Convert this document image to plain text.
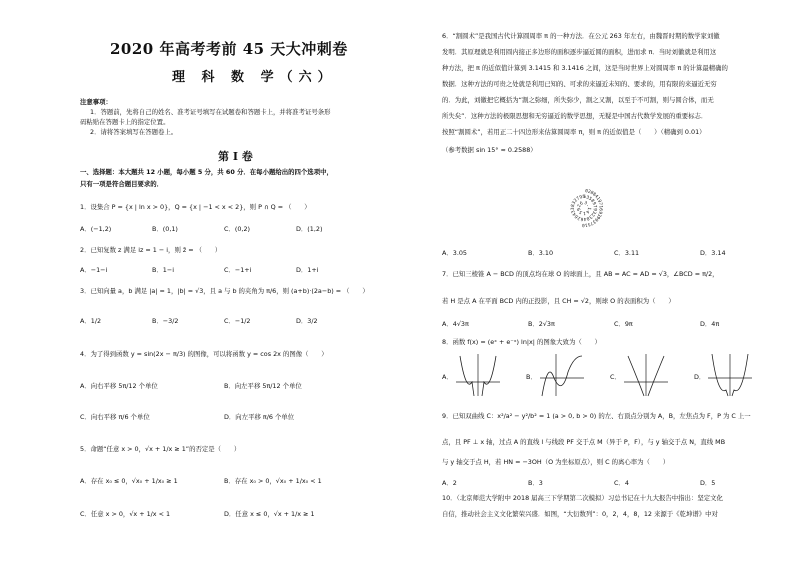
2020 年高考考前 45 天大冲刺卷
理 科 数 学（六）
注意事项：
1．答题前，先将自己的姓名、准考证号填写在试题卷和答题卡上，并将准考证号条形
码粘贴在答题卡上的指定位置。
2．请将答案填写在答题卷上。
第 Ⅰ 卷
一、选择题：本大题共 12 小题，每小题 5 分，共 60 分．在每小题给出的四个选项中，
只有一项是符合题目要求的．
1．设集合 P = {x | ln x > 0}，Q = {x | −1 < x < 2}，则 P ∩ Q = （　　）
A．(−1,2)	B．(0,1)	C．(0,2)	D．(1,2)
2．已知复数 z 满足 iz = 1 − i，则 z̄ = （　　）
A．−1−i	B．1−i	C．−1+i	D．1+i
3．已知向量 a，b 满足 |a| = 1，|b| = √3，且 a 与 b 的夹角为 π/6，则 (a+b)·(2a−b) = （　　）
A．1/2	B．−3/2	C．−1/2	D．3/2
4．为了得到函数 y = sin(2x − π/3) 的图像，可以将函数 y = cos 2x 的图像（　　）
A．向右平移 5π/12 个单位	B．向左平移 5π/12 个单位
C．向右平移 π/6 个单位	D．向左平移 π/6 个单位
5．命题“任意 x > 0，√x + 1/x ≥ 1”的否定是（　　）
A．存在 x₀ ≤ 0，√x₀ + 1/x₀ ≥ 1	B．存在 x₀ > 0，√x₀ + 1/x₀ < 1
C．任意 x > 0，√x + 1/x < 1	D．任意 x ≤ 0，√x + 1/x ≥ 1
6．“割圆术”是我国古代计算圆周率 π 的一种方法．在公元 263 年左右，由魏晋时期的数学家刘徽
发明．其原理就是利用圆内接正多边形的面积逐步逼近圆的面积，进而求 π．当时刘徽就是利用这
种方法，把 π 的近似值计算到 3.1415 和 3.1416 之间，这是当时世界上对圆周率 π 的计算最精确的
数据．这种方法的可贵之处就是利用已知的、可求的来逼近未知的、要求的，用有限的来逼近无穷
的．为此，刘徽把它概括为“割之弥细，所失弥少，割之又割，以至于不可割，则与圆合体，而无
所失矣”．这种方法的极限思想和无穷逼近的数学思想，无疑是中国古代数学发展的重要标志．
按照“割圆术”，若用正二十四边形来估算圆周率 π，则 π 的近似值是（　　）（精确到 0.01）
（参考数据 sin 15° ≈ 0.2588）
3.14159265358979323846264338327950288419716939937510
A．3.05	B．3.10	C．3.11	D．3.14
7．已知三棱锥 A − BCD 的顶点均在球 O 的球面上，且 AB = AC = AD = √3，∠BCD = π/2，
若 H 是点 A 在平面 BCD 内的正投影，且 CH = √2，则球 O 的表面积为（　　）
A．4√3π	B．2√3π	C．9π	D．4π
8．函数 f(x) = (eˣ + e⁻ˣ) ln|x| 的图象大致为（　　）
A．	B．	C．	D．
9．已知双曲线 C：x²/a² − y²/b² = 1 (a > 0, b > 0) 的左、右顶点分别为 A，B，左焦点为 F，P 为 C 上一
点，且 PF ⊥ x 轴，过点 A 的直线 l 与线段 PF 交于点 M（异于 P，F），与 y 轴交于点 N，直线 MB
与 y 轴交于点 H，若 HN = −3OH（O 为坐标原点），则 C 的离心率为（　　）
A．2	B．3	C．4	D．5
10．（北京师范大学附中 2018 届高三下学期第二次模拟）习总书记在十九大报告中指出：坚定文化
自信，推动社会主义文化繁荣兴盛．如图，“大衍数列”：0，2，4，8，12 来源于《乾坤谱》中对
